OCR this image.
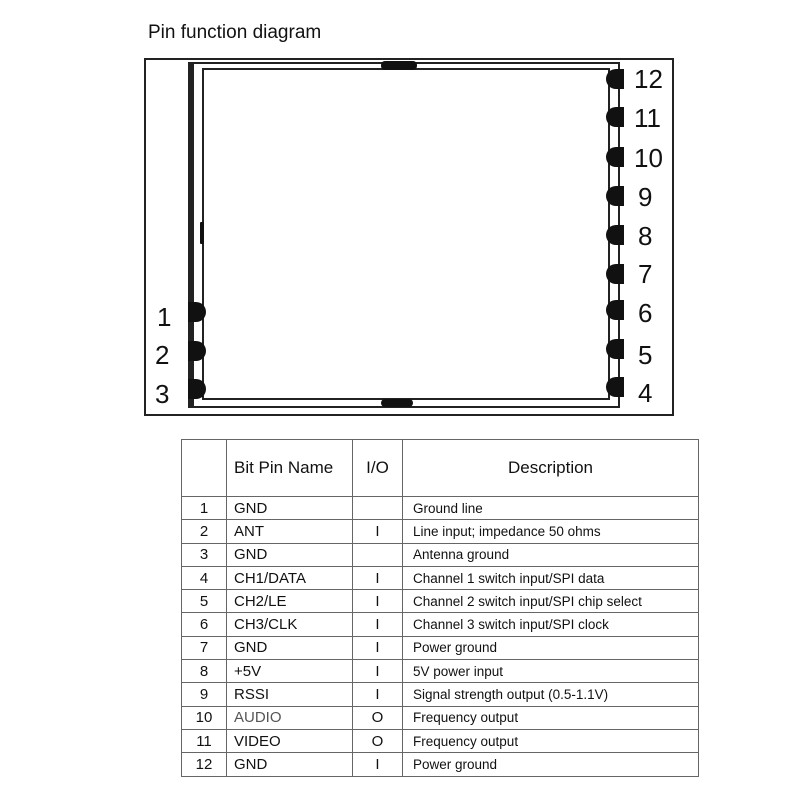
Pin function diagram
1
2
3	4
5
6
7
8
9
10
11
12
	Bit Pin Name	I/O	Description
1	GND		Ground line
2	ANT	I	Line input; impedance 50 ohms
3	GND		Antenna ground
4	CH1/DATA	I	Channel 1 switch input/SPI data
5	CH2/LE	I	Channel 2 switch input/SPI chip select
6	CH3/CLK	I	Channel 3 switch input/SPI clock
7	GND	I	Power ground
8	+5V	I	5V power input
9	RSSI	I	Signal strength output (0.5-1.1V)
10	AUDIO	O	Frequency output
11	VIDEO	O	Frequency output
12	GND	I	Power ground
